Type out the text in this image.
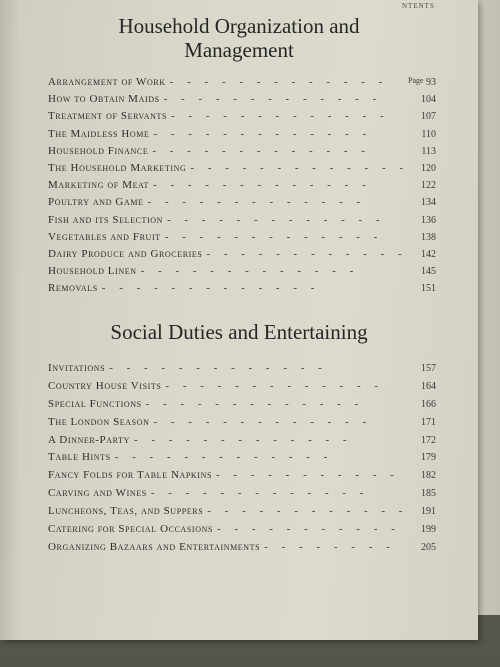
ntents
Household Organization and
Management
Page
Arrangement of Work -	93
How to Obtain Maids -	104
Treatment of Servants -	107
The Maidless Home -	110
Household Finance -	113
The Household Marketing -	120
Marketing of Meat -	122
Poultry and Game -	134
Fish and its Selection -	136
Vegetables and Fruit -	138
Dairy Produce and Groceries -	142
Household Linen -	145
Removals -	151
Social Duties and Entertaining
Invitations -	157
Country House Visits -	164
Special Functions -	166
The London Season -	171
A Dinner-Party -	172
Table Hints -	179
Fancy Folds for Table Napkins -	182
Carving and Wines -	185
Luncheons, Teas, and Suppers -	191
Catering for Special Occasions -	199
Organizing Bazaars and Entertainments -	205
